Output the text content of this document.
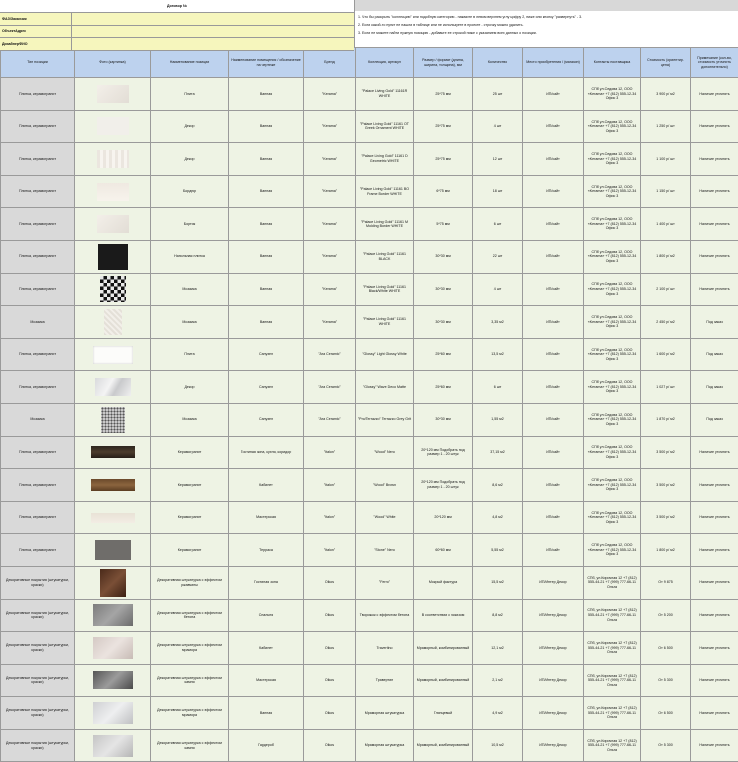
Договор №
ФАЗ/Заказчик
ОбъектАдрес
ДизайнерФИО
1. Что бы раскрыть "коллекцию" или подобную категорию - нажмите в левом верхнем углу цифру 2, ниже или кнопку "развернуть" - 3.
2. Если какой-то пункт не нашли в таблице или не используете в проекте - строчку можно удалить.
3. Если не можете найти нужную позицию - добавьте ее строкой ниже с указанием всех данных о позиции.
Тип позиции	Фото (картинка)	Наименование позиции	Наименование помещения / обозначение на чертеже	Бренд	Коллекция, артикул	Размер / формат (длина, ширина, толщина), мм	Количество	Место приобретения / (магазин)	Контакты поставщика	Стоимость (ориентир. цена)	Примечание (кол-во, стоимость уточнить дополнительно)
Плитка, керамогранит		Плита	Ванная	"Kerama"	"Palace Living Gold" 11161R WHITE	25*75 мм	25 шт	ИП/сайт	СПб ул.Седова 12, ООО «Kerama» +7 (812) 555-12-34 Офис 3	3 900 р/ м2	Наличие уточнять
Плитка, керамогранит		Декор	Ванная	"Kerama"	"Palace Living Gold" 11161 OT Greek Ornament WHITE	25*75 мм	4 шт	ИП/сайт	СПб ул.Седова 12, ООО «Kerama» +7 (812) 555-12-34 Офис 3	1 250 р/ шт	Наличие уточнять
Плитка, керамогранит		Декор	Ванная	"Kerama"	"Palace Living Gold" 11161 D Geometric WHITE	25*75 мм	12 шт	ИП/сайт	СПб ул.Седова 12, ООО «Kerama» +7 (812) 555-12-34 Офис 3	1 100 р/ шт	Наличие уточнять
Плитка, керамогранит		Бордюр	Ванная	"Kerama"	"Palace Living Gold" 11161 BO Frame Border WHITE	6*75 мм	18 шт	ИП/сайт	СПб ул.Седова 12, ООО «Kerama» +7 (812) 555-12-34 Офис 3	1 150 р/ шт	Наличие уточнять
Плитка, керамогранит		Бортик	Ванная	"Kerama"	"Palace Living Gold" 11161 M Molding Border WHITE	5*75 мм	6 шт	ИП/сайт	СПб ул.Седова 12, ООО «Kerama» +7 (812) 555-12-34 Офис 3	1 400 р/ шт	Наличие уточнять
Плитка, керамогранит		Напольная плитка	Ванная	"Kerama"	"Palace Living Gold" 11161 BLACK	30*30 мм	22 шт	ИП/сайт	СПб ул.Седова 12, ООО «Kerama» +7 (812) 555-12-34 Офис 3	1 800 р/ м2	Наличие уточнять
Плитка, керамогранит		Мозаика	Ванная	"Kerama"	"Palace Living Gold" 11161 Black/White WHITE	30*30 мм	4 шт	ИП/сайт	СПб ул.Седова 12, ООО «Kerama» +7 (812) 555-12-34 Офис 3	2 100 р/ шт	Наличие уточнять
Мозаика		Мозаика	Ванная	"Kerama"	"Palace Living Gold" 11161 WHITE	30*30 мм	3,35 м2	ИП/сайт	СПб ул.Седова 12, ООО «Kerama» +7 (812) 555-12-34 Офис 3	2 450 р/ м2	Под заказ
Плитка, керамогранит		Плита	Санузел	"Ara Ceramic"	"Glossy" Light Glossy White	25*60 мм	13,5 м2	ИП/сайт	СПб ул.Седова 12, ООО «Kerama» +7 (812) 555-12-34 Офис 3	1 600 р/ м2	Под заказ
Плитка, керамогранит		Декор	Санузел	"Ara Ceramic"	"Glossy" Wave Deco Matte	25*60 мм	6 шт	ИП/сайт	СПб ул.Седова 12, ООО «Kerama» +7 (812) 555-12-34 Офис 3	1 027 р/ шт	Под заказ
Мозаика		Мозаика	Санузел	"Ara Ceramic"	"Pro/Terrazzo" Terrazzo Grey Grit	30*30 мм	1,55 м2	ИП/сайт	СПб ул.Седова 12, ООО «Kerama» +7 (812) 555-12-34 Офис 3	1 870 р/ м2	Под заказ
Плитка, керамогранит		Керамогранит	Гостиная зона, кухня, коридор	"Italon"	"Wood" Nero	20*120 мм Подобрать под размер 1 - 20 штук	37,15 м2	ИП/сайт	СПб ул.Седова 12, ООО «Kerama» +7 (812) 555-12-34 Офис 3	3 500 р/ м2	Наличие уточнять
Плитка, керамогранит		Керамогранит	Кабинет	"Italon"	"Wood" Brown	20*120 мм Подобрать под размер 1 - 20 штук	8,6 м2	ИП/сайт	СПб ул.Седова 12, ООО «Kerama» +7 (812) 555-12-34 Офис 3	3 500 р/ м2	Наличие уточнять
Плитка, керамогранит		Керамогранит	Мастерская	"Italon"	"Wood" White	20*120 мм	4,8 м2	ИП/сайт	СПб ул.Седова 12, ООО «Kerama» +7 (812) 555-12-34 Офис 3	3 500 р/ м2	Наличие уточнять
Плитка, керамогранит		Керамогранит	Терраса	"Italon"	"Stone" Nero	60*60 мм	5,55 м2	ИП/сайт	СПб ул.Седова 12, ООО «Kerama» +7 (812) 555-12-34 Офис 3	1 800 р/ м2	Наличие уточнять
Декоративные покрытия (штукатурки, краски)		Декоративная штукатурка с эффектом ржавчины	Гостиная зона	Oikos	"Ferro"	Мокрый фактура	15,5 м2	ИП/Интер Декор	СПб, ул.Кирочная 12 +7 (812) 555-44-21 +7 (999) 777-66-11 Ольга	От 9 875	Наличие уточнять
Декоративные покрытия (штукатурки, краски)		Декоративная штукатурка с эффектом бетона	Спальня	Oikos	Творожок с эффектом бетона	В соответствии с эскизом	8,8 м2	ИП/Интер Декор	СПб, ул.Кирочная 12 +7 (812) 555-44-21 +7 (999) 777-66-11 Ольга	От 5 200	Наличие уточнять
Декоративные покрытия (штукатурки, краски)		Декоративная штукатурка с эффектом мрамора	Кабинет	Oikos	Travertino	Мраморный, комбинированный	12,1 м2	ИП/Интер Декор	СПб, ул.Кирочная 12 +7 (812) 555-44-21 +7 (999) 777-66-11 Ольга	От 6 500	Наличие уточнять
Декоративные покрытия (штукатурки, краски)		Декоративная штукатурка с эффектом камня	Мастерская	Oikos	Травертин	Мраморный, комбинированный	2,1 м2	ИП/Интер Декор	СПб, ул.Кирочная 12 +7 (812) 555-44-21 +7 (999) 777-66-11 Ольга	От 5 300	Наличие уточнять
Декоративные покрытия (штукатурки, краски)		Декоративная штукатурка с эффектом мрамора	Ванная	Oikos	Мраморная штукатурка	Глянцевый	4,9 м2	ИП/Интер Декор	СПб, ул.Кирочная 12 +7 (812) 555-44-21 +7 (999) 777-66-11 Ольга	От 6 500	Наличие уточнять
Декоративные покрытия (штукатурки, краски)		Декоративная штукатурка с эффектом камня	Гардероб	Oikos	Мраморная штукатурка	Мраморный, комбинированный	10,5 м2	ИП/Интер Декор	СПб, ул.Кирочная 12 +7 (812) 555-44-21 +7 (999) 777-66-11 Ольга	От 5 300	Наличие уточнять
